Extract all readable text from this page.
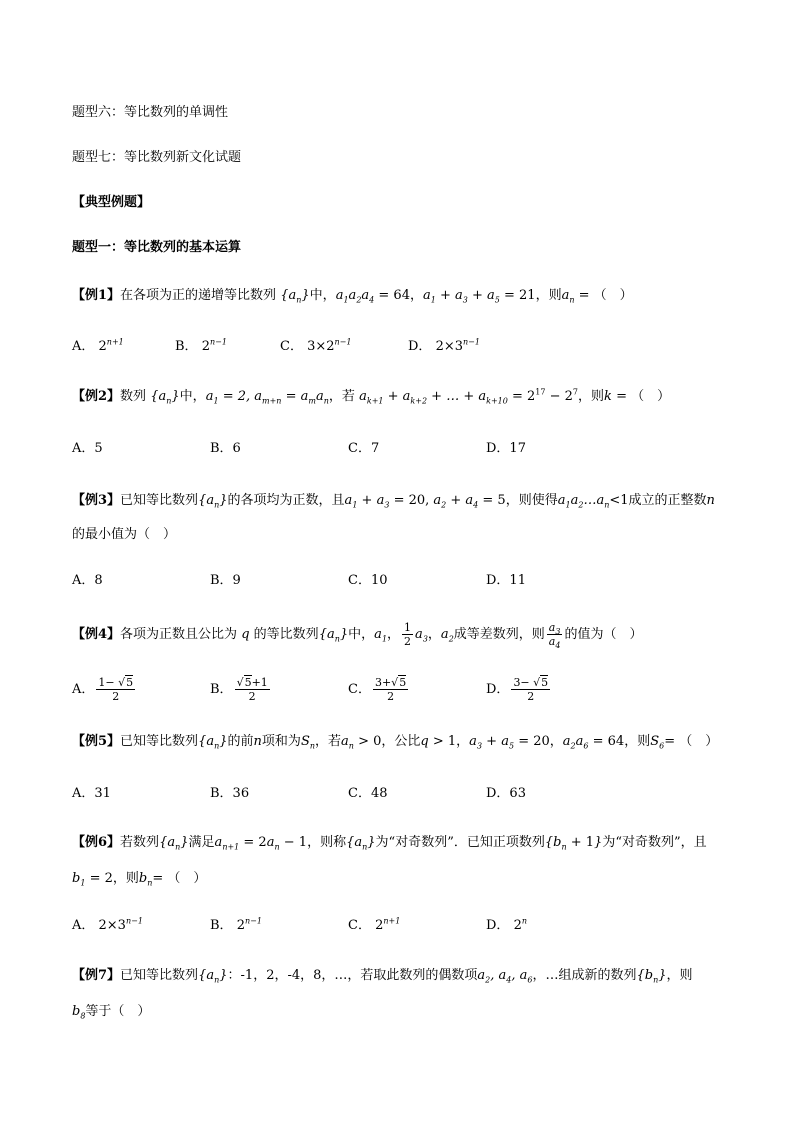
题型六：等比数列的单调性
题型七：等比数列新文化试题
【典型例题】
题型一：等比数列的基本运算
【例1】在各项为正的递增等比数列 $\{a_n\}$中，$a_1a_2a_4 = 64$，$a_1 + a_3 + a_5 = 21$，则$a_n$ = （　）
A． $2^{n+1}$	B． $2^{n-1}$	C． $3\times 2^{n-1}$	D． $2\times 3^{n-1}$
【例2】数列 $\{a_n\}$中，$a_1 = 2$, $a_{m+n} = a_ma_n$，若 $a_{k+1} + a_{k+2}$ + … + $a_{k+10} = 2^{17} - 2^7$，则k = （　）
A．5	B．6	C．7	D．17
【例3】已知等比数列$\{a_n\}$的各项均为正数，且$a_1 + a_3 = 20$, $a_2 + a_4 = 5$，则使得$a_1a_2\dots a_n<1$成立的正整数n
的最小值为（　）
A．8	B．9	C．10	D．11
【例4】各项为正数且公比为 q 的等比数列$\{a_n\}$中，$a_1$， $\frac{1}{2} a_3$，$a_2$成等差数列，则 $\frac{a_3}{a_4}$ 的值为（　）
A． $\frac{1- √5}{2}$	B． $\frac{√5+1}{2}$	C． $\frac{3+√5}{2}$	D． $\frac{3- √5}{2}$
【例5】已知等比数列$\{a_n\}$的前n项和为$S_n$，若$a_n > 0$，公比q > 1，$a_3 + a_5 = 20$，$a_2a_6 = 64$，则$S_6=$ （　）
A．31	B．36	C．48	D．63
【例6】若数列$\{a_n\}$满足$a_{n+1} = 2a_n - 1$，则称$\{a_n\}$为“对奇数列”．已知正项数列$\{b_n + 1\}$为“对奇数列”，且
$b_1 = 2$，则$b_n=$ （　）
A． $2\times 3^{n-1}$	B． $2^{n-1}$	C． $2^{n+1}$	D． 2$^n$
【例7】已知等比数列$\{a_n\}$：-1，2，-4，8，…，若取此数列的偶数项$a_2$, $a_4$, $a_6$，…组成新的数列$\{b_n\}$，则
$b_8$等于（　）
